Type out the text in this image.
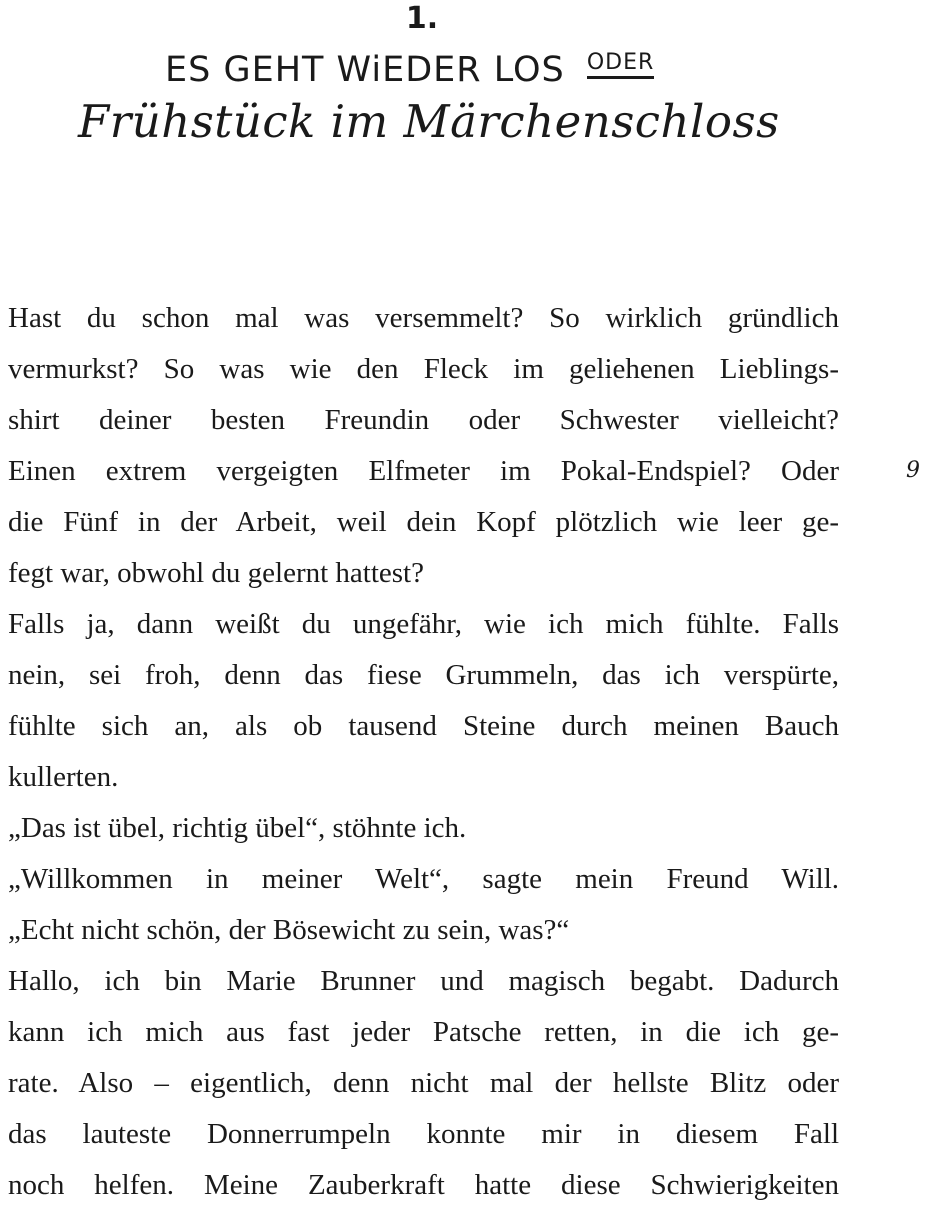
1.
ES GEHT WiEDER LOS ODER
Frühstück im Märchenschloss
9
Hast du schon mal was versemmelt? So wirklich gründlich
vermurkst? So was wie den Fleck im geliehenen Lieblings-
shirt deiner besten Freundin oder Schwester vielleicht?
Einen extrem vergeigten Elfmeter im Pokal-Endspiel? Oder
die Fünf in der Arbeit, weil dein Kopf plötzlich wie leer ge-
fegt war, obwohl du gelernt hattest?
Falls ja, dann weißt du ungefähr, wie ich mich fühlte. Falls
nein, sei froh, denn das fiese Grummeln, das ich verspürte,
fühlte sich an, als ob tausend Steine durch meinen Bauch
kullerten.
„Das ist übel, richtig übel“, stöhnte ich.
„Willkommen in meiner Welt“, sagte mein Freund Will.
„Echt nicht schön, der Bösewicht zu sein, was?“
Hallo, ich bin Marie Brunner und magisch begabt. Dadurch
kann ich mich aus fast jeder Patsche retten, in die ich ge-
rate. Also – eigentlich, denn nicht mal der hellste Blitz oder
das lauteste Donnerrumpeln konnte mir in diesem Fall
noch helfen. Meine Zauberkraft hatte diese Schwierigkeiten
